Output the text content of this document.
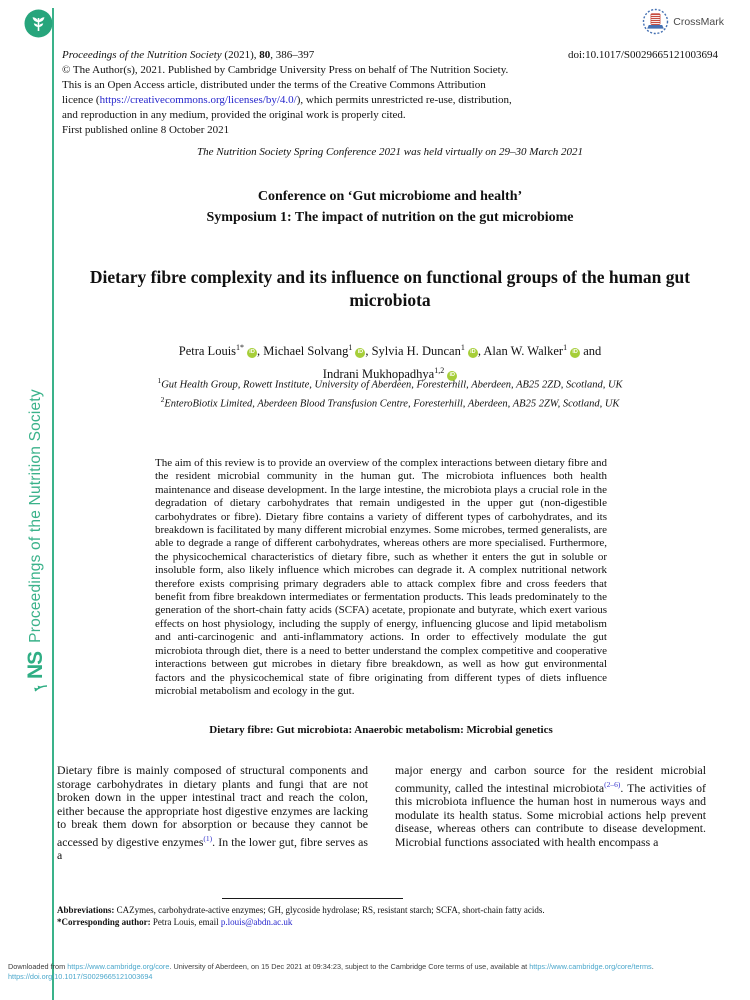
NS
Proceedings of the Nutrition Society
CrossMark
Proceedings of the Nutrition Society (2021), 80, 386–397	doi:10.1017/S0029665121003694
© The Author(s), 2021. Published by Cambridge University Press on behalf of The Nutrition Society.
This is an Open Access article, distributed under the terms of the Creative Commons Attribution
licence (https://creativecommons.org/licenses/by/4.0/), which permits unrestricted re-use, distribution,
and reproduction in any medium, provided the original work is properly cited.
First published online 8 October 2021
The Nutrition Society Spring Conference 2021 was held virtually on 29–30 March 2021
Conference on ‘Gut microbiome and health’
Symposium 1: The impact of nutrition on the gut microbiome
Dietary fibre complexity and its influence on functional groups of the human gut microbiota
Petra Louis$^{1*}$iD , Michael Solvang$^1$iD , Sylvia H. Duncan$^1$iD , Alan W. Walker$^1$iD and
Indrani Mukhopadhya$^{1,2}$iD
$^1$Gut Health Group, Rowett Institute, University of Aberdeen, Foresterhill, Aberdeen, AB25 2ZD, Scotland, UK
$^2$EnteroBiotix Limited, Aberdeen Blood Transfusion Centre, Foresterhill, Aberdeen, AB25 2ZW, Scotland, UK
The aim of this review is to provide an overview of the complex interactions between dietary fibre and the resident microbial community in the human gut. The microbiota influences both health maintenance and disease development. In the large intestine, the microbiota plays a crucial role in the degradation of dietary carbohydrates that remain undigested in the upper gut (non-digestible carbohydrates or fibre). Dietary fibre contains a variety of different types of carbohydrates, and its breakdown is facilitated by many different microbial enzymes. Some microbes, termed generalists, are able to degrade a range of different carbohydrates, whereas others are more specialised. Furthermore, the physicochemical characteristics of dietary fibre, such as whether it enters the gut in soluble or insoluble form, also likely influence which microbes can degrade it. A complex nutritional network therefore exists comprising primary degraders able to attack complex fibre and cross feeders that benefit from fibre breakdown intermediates or fermentation products. This leads predominately to the generation of the short-chain fatty acids (SCFA) acetate, propionate and butyrate, which exert various effects on host physiology, including the supply of energy, influencing glucose and lipid metabolism and anti-carcinogenic and anti-inflammatory actions. In order to effectively modulate the gut microbiota through diet, there is a need to better understand the complex competitive and cooperative interactions between gut microbes in dietary fibre breakdown, as well as how gut environmental factors and the physicochemical state of fibre originating from different types of diets influence microbial metabolism and ecology in the gut.
Dietary fibre: Gut microbiota: Anaerobic metabolism: Microbial genetics
Dietary fibre is mainly composed of structural components and storage carbohydrates in dietary plants and fungi that are not broken down in the upper intestinal tract and reach the colon, either because the appropriate host digestive enzymes are lacking to break them down for absorption or because they cannot be accessed by digestive enzymes$^{(1)}$. In the lower gut, fibre serves as a
major energy and carbon source for the resident microbial community, called the intestinal microbiota$^{(2-6)}$. The activities of this microbiota influence the human host in numerous ways and modulate its health status. Some microbial actions help prevent disease, whereas others can contribute to disease development. Microbial functions associated with health encompass a
Abbreviations: CAZymes, carbohydrate-active enzymes; GH, glycoside hydrolase; RS, resistant starch; SCFA, short-chain fatty acids.
*Corresponding author: Petra Louis, email p.louis@abdn.ac.uk
Downloaded from https://www.cambridge.org/core. University of Aberdeen, on 15 Dec 2021 at 09:34:23, subject to the Cambridge Core terms of use, available at https://www.cambridge.org/core/terms.
https://doi.org/10.1017/S0029665121003694
